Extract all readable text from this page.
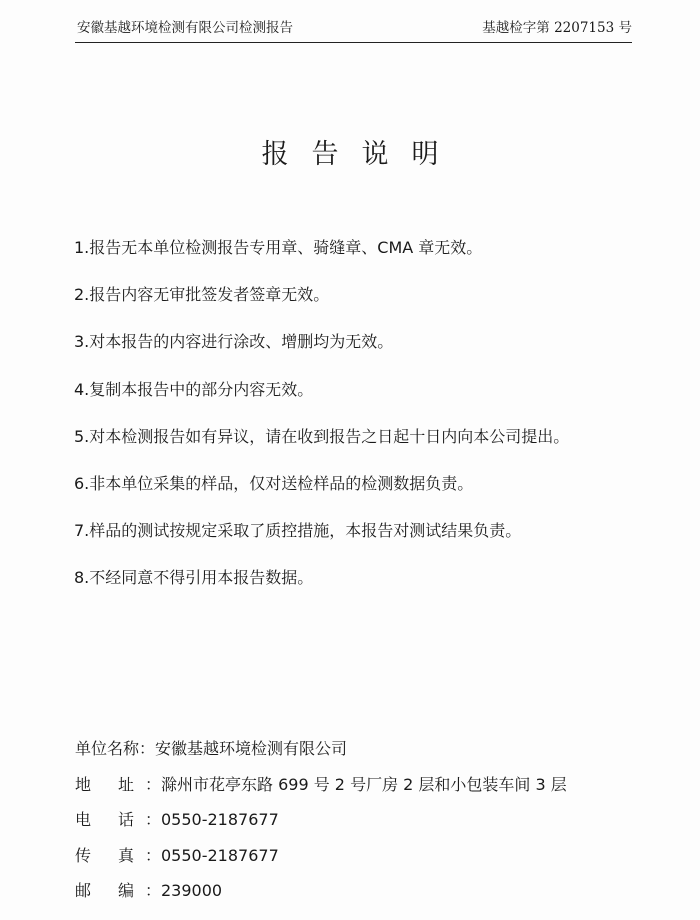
安徽基越环境检测有限公司检测报告	基越检字第 2207153 号
报告说明
1.报告无本单位检测报告专用章、骑缝章、CMA 章无效。
2.报告内容无审批签发者签章无效。
3.对本报告的内容进行涂改、增删均为无效。
4.复制本报告中的部分内容无效。
5.对本检测报告如有异议，请在收到报告之日起十日内向本公司提出。
6.非本单位采集的样品，仅对送检样品的检测数据负责。
7.样品的测试按规定采取了质控措施，本报告对测试结果负责。
8.不经同意不得引用本报告数据。
单位名称：安徽基越环境检测有限公司
地 址：滁州市花亭东路 699 号 2 号厂房 2 层和小包装车间 3 层
电 话：0550-2187677
传 真：0550-2187677
邮 编：239000
